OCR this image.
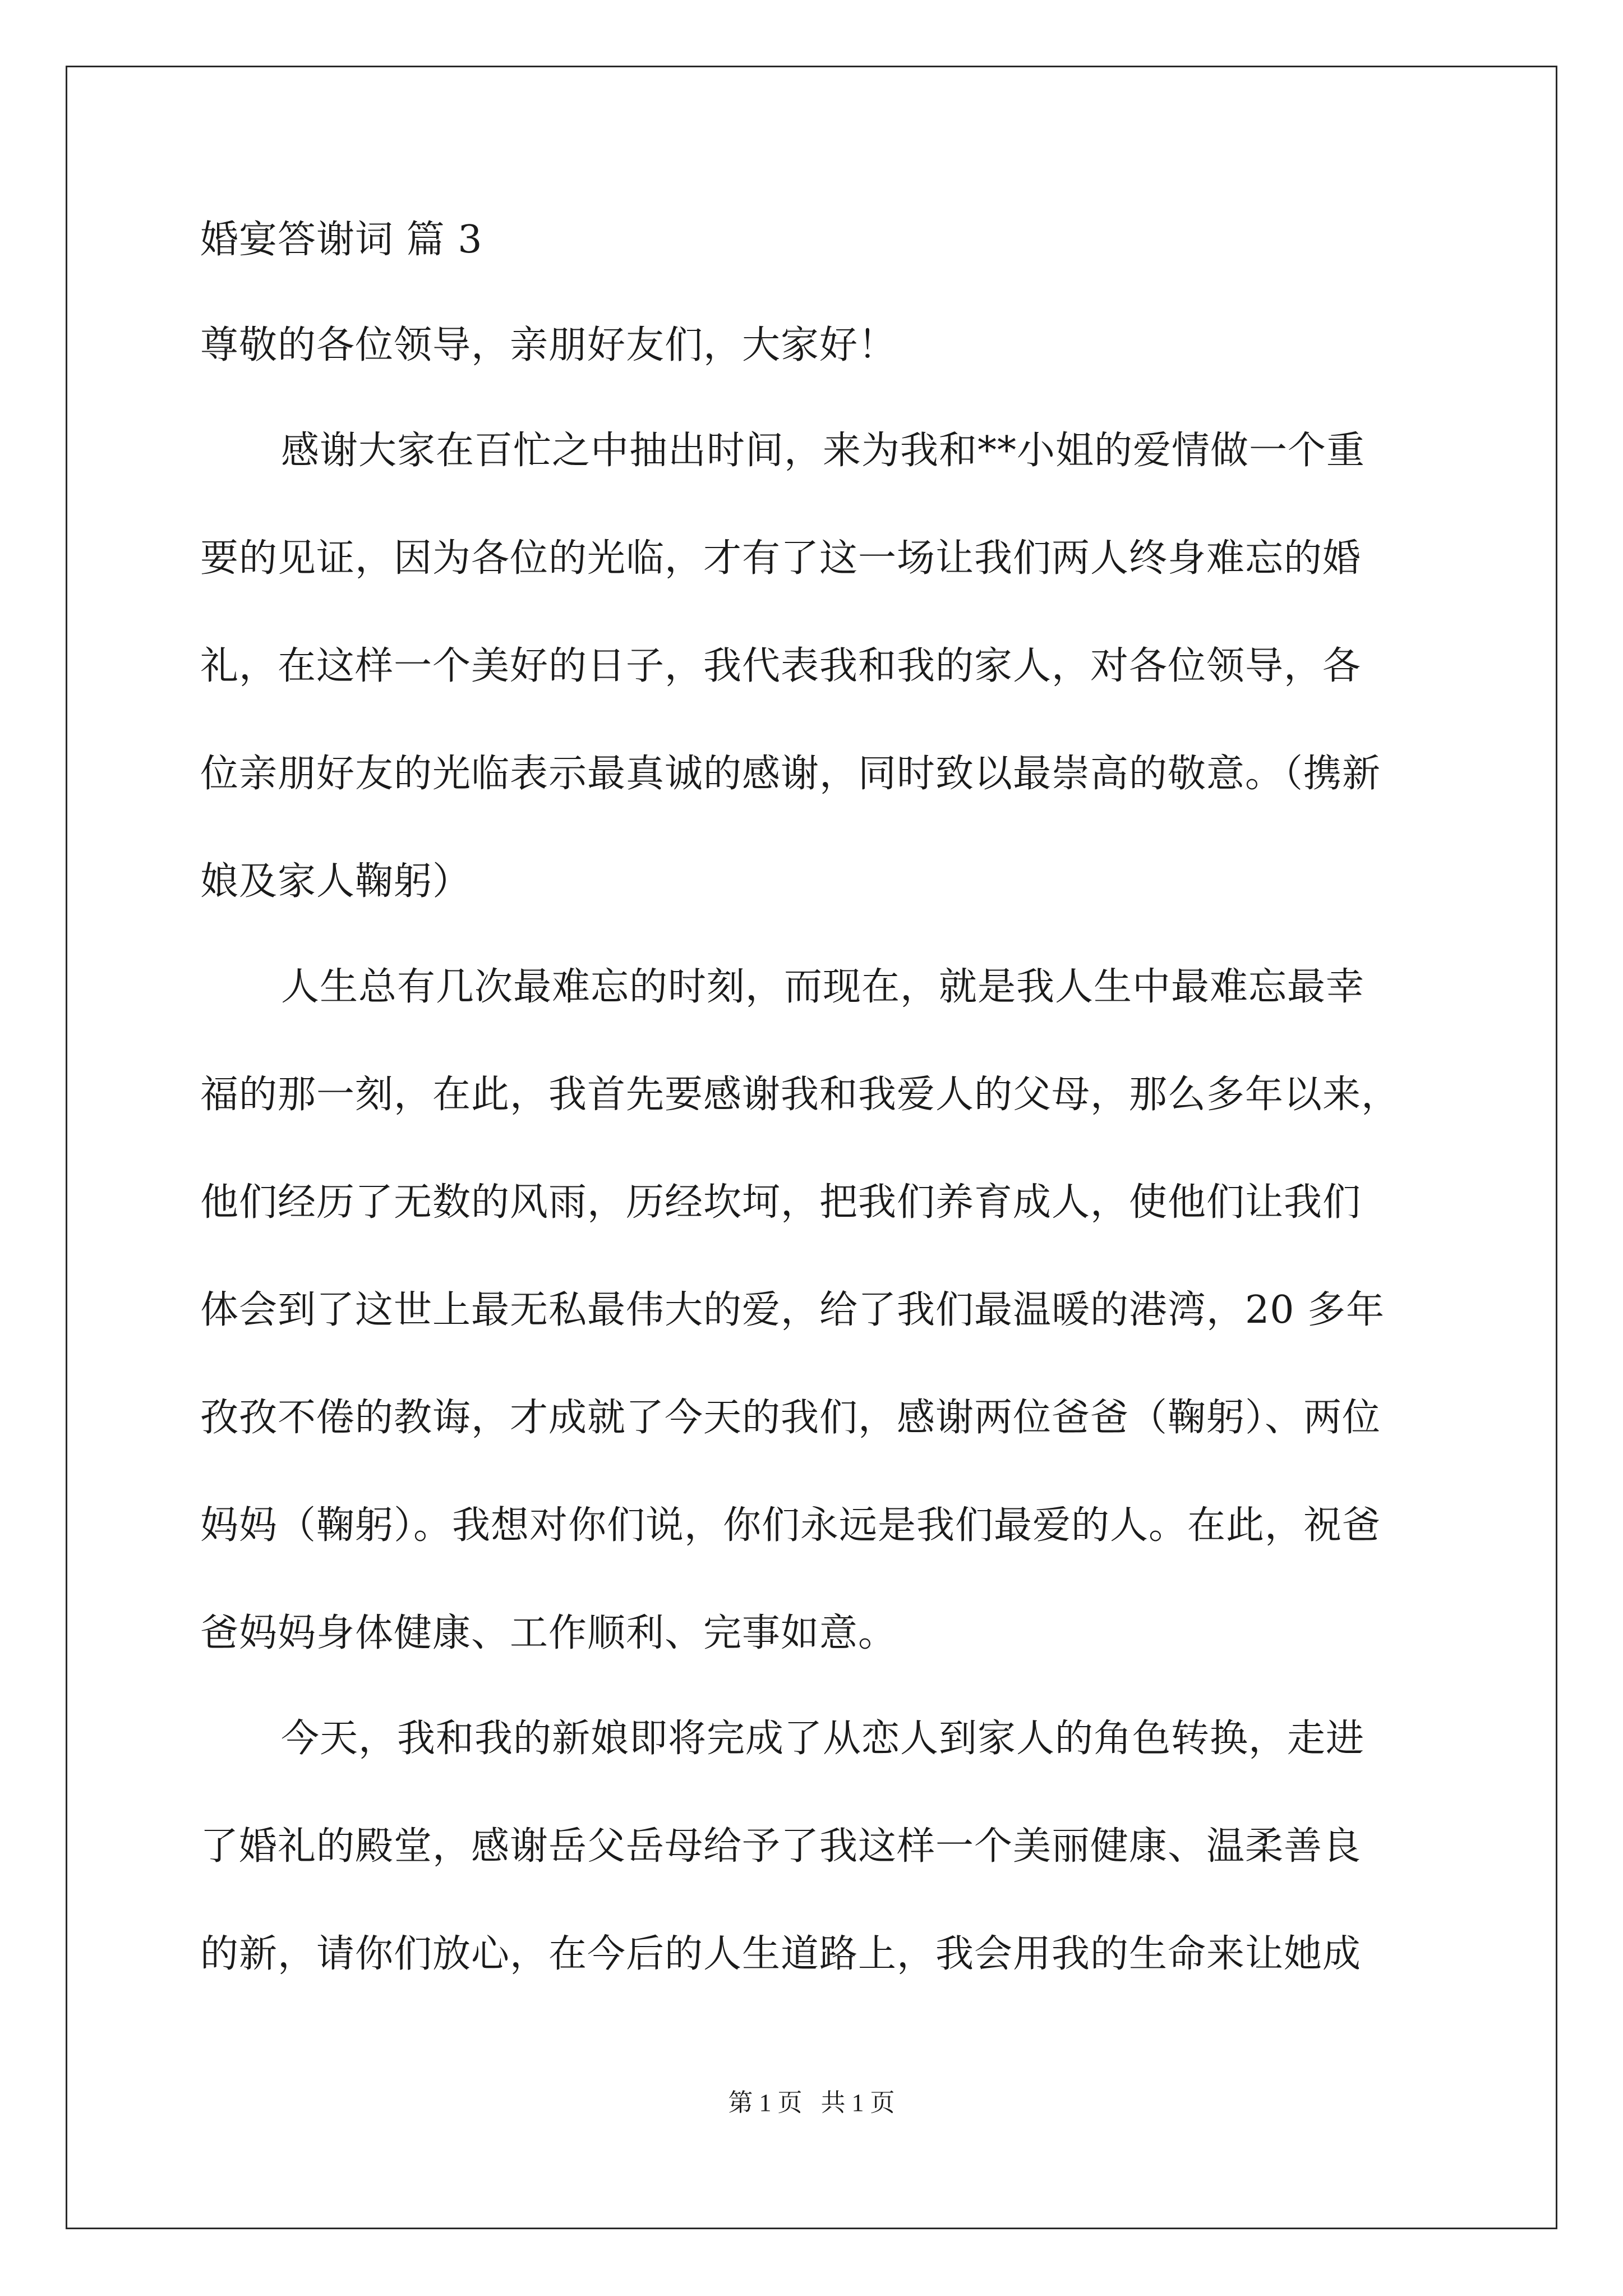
婚宴答谢词 篇 3
尊敬的各位领导，亲朋好友们，大家好！
感谢大家在百忙之中抽出时间，来为我和**小姐的爱情做一个重
要的见证，因为各位的光临，才有了这一场让我们两人终身难忘的婚
礼，在这样一个美好的日子，我代表我和我的家人，对各位领导，各
位亲朋好友的光临表示最真诚的感谢，同时致以最崇高的敬意。（携新
娘及家人鞠躬）
人生总有几次最难忘的时刻，而现在，就是我人生中最难忘最幸
福的那一刻，在此，我首先要感谢我和我爱人的父母，那么多年以来，
他们经历了无数的风雨，历经坎坷，把我们养育成人，使他们让我们
体会到了这世上最无私最伟大的爱，给了我们最温暖的港湾，20 多年
孜孜不倦的教诲，才成就了今天的我们，感谢两位爸爸（鞠躬）、两位
妈妈（鞠躬）。我想对你们说，你们永远是我们最爱的人。在此，祝爸
爸妈妈身体健康、工作顺利、完事如意。
今天，我和我的新娘即将完成了从恋人到家人的角色转换，走进
了婚礼的殿堂，感谢岳父岳母给予了我这样一个美丽健康、温柔善良
的新，请你们放心，在今后的人生道路上，我会用我的生命来让她成
第 1 页   共 1 页
